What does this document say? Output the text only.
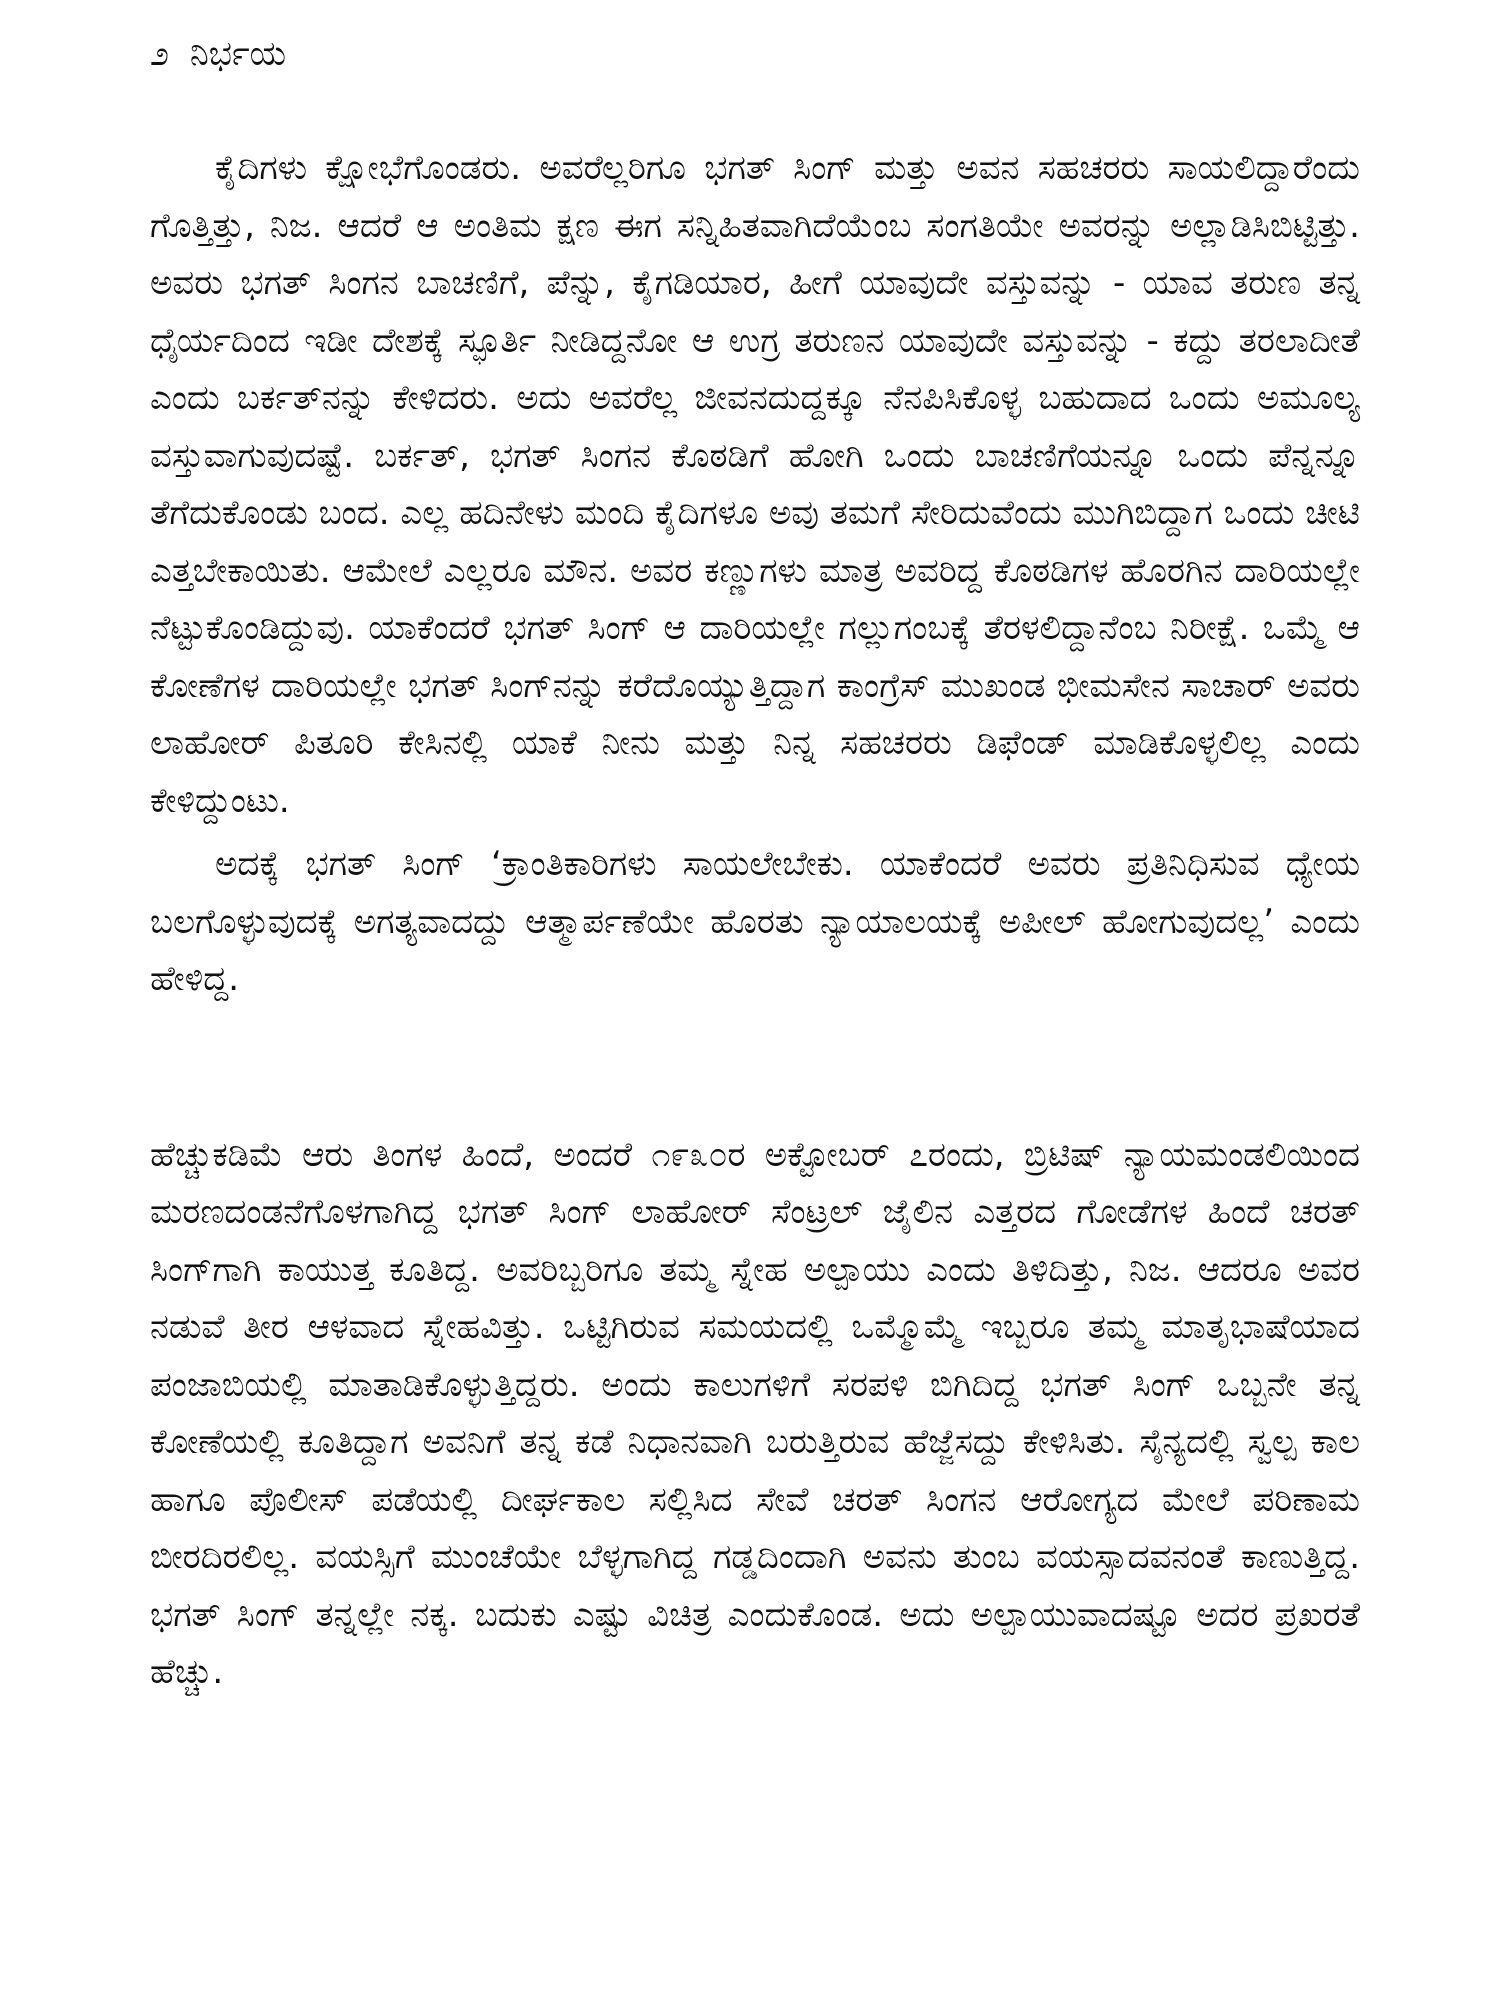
೨ ನಿರ್ಭಯ

ಕೈದಿಗಳು ಕ್ಷೋಭೆಗೊಂಡರು. ಅವರೆಲ್ಲರಿಗೂ ಭಗತ್ ಸಿಂಗ್ ಮತ್ತು ಅವನ ಸಹಚರರು ಸಾಯಲಿದ್ದಾರೆಂದು ಗೊತ್ತಿತ್ತು, ನಿಜ. ಆದರೆ ಆ ಅಂತಿಮ ಕ್ಷಣ ಈಗ ಸನ್ನಿಹಿತವಾಗಿದೆಯೆಂಬ ಸಂಗತಿಯೇ ಅವರನ್ನು ಅಲ್ಲಾಡಿಸಿಬಿಟ್ಟಿತ್ತು. ಅವರು ಭಗತ್ ಸಿಂಗನ ಬಾಚಣಿಗೆ, ಪೆನ್ನು, ಕೈಗಡಿಯಾರ, ಹೀಗೆ ಯಾವುದೇ ವಸ್ತುವನ್ನು - ಯಾವ ತರುಣ ತನ್ನ ಧೈರ್ಯದಿಂದ ಇಡೀ ದೇಶಕ್ಕೆ ಸ್ಫೂರ್ತಿ ನೀಡಿದ್ದನೋ ಆ ಉಗ್ರ ತರುಣನ ಯಾವುದೇ ವಸ್ತುವನ್ನು - ಕದ್ದು ತರಲಾದೀತೆ ಎಂದು ಬರ್ಕತ್‌ನನ್ನು ಕೇಳಿದರು. ಅದು ಅವರೆಲ್ಲ ಜೀವನದುದ್ದಕ್ಕೂ ನೆನಪಿಸಿಕೊಳ್ಳ ಬಹುದಾದ ಒಂದು ಅಮೂಲ್ಯ ವಸ್ತುವಾಗುವುದಷ್ಟೆ. ಬರ್ಕತ್, ಭಗತ್ ಸಿಂಗನ ಕೊಠಡಿಗೆ ಹೋಗಿ ಒಂದು ಬಾಚಣಿಗೆಯನ್ನೂ ಒಂದು ಪೆನ್ನನ್ನೂ ತೆಗೆದುಕೊಂಡು ಬಂದ. ಎಲ್ಲ ಹದಿನೇಳು ಮಂದಿ ಕೈದಿಗಳೂ ಅವು ತಮಗೆ ಸೇರಿದುವೆಂದು ಮುಗಿಬಿದ್ದಾಗ ಒಂದು ಚೀಟಿ ಎತ್ತಬೇಕಾಯಿತು. ಆಮೇಲೆ ಎಲ್ಲರೂ ಮೌನ. ಅವರ ಕಣ್ಣುಗಳು ಮಾತ್ರ ಅವರಿದ್ದ ಕೊಠಡಿಗಳ ಹೊರಗಿನ ದಾರಿಯಲ್ಲೇ ನೆಟ್ಟುಕೊಂಡಿದ್ದುವು. ಯಾಕೆಂದರೆ ಭಗತ್ ಸಿಂಗ್ ಆ ದಾರಿಯಲ್ಲೇ ಗಲ್ಲುಗಂಬಕ್ಕೆ ತೆರಳಲಿದ್ದಾನೆಂಬ ನಿರೀಕ್ಷೆ. ಒಮ್ಮೆ ಆ ಕೋಣೆಗಳ ದಾರಿಯಲ್ಲೇ ಭಗತ್ ಸಿಂಗ್‌ನನ್ನು ಕರೆದೊಯ್ಯುತ್ತಿದ್ದಾಗ ಕಾಂಗ್ರೆಸ್ ಮುಖಂಡ ಭೀಮಸೇನ ಸಾಚಾರ್ ಅವರು ಲಾಹೋರ್ ಪಿತೂರಿ ಕೇಸಿನಲ್ಲಿ ಯಾಕೆ ನೀನು ಮತ್ತು ನಿನ್ನ ಸಹಚರರು ಡಿಫೆಂಡ್ ಮಾಡಿಕೊಳ್ಳಲಿಲ್ಲ ಎಂದು ಕೇಳಿದ್ದುಂಟು.

ಅದಕ್ಕೆ ಭಗತ್ ಸಿಂಗ್ ‘ಕ್ರಾಂತಿಕಾರಿಗಳು ಸಾಯಲೇಬೇಕು. ಯಾಕೆಂದರೆ ಅವರು ಪ್ರತಿನಿಧಿಸುವ ಧ್ಯೇಯ ಬಲಗೊಳ್ಳುವುದಕ್ಕೆ ಅಗತ್ಯವಾದದ್ದು ಆತ್ಮಾರ್ಪಣೆಯೇ ಹೊರತು ನ್ಯಾಯಾಲಯಕ್ಕೆ ಅಪೀಲ್ ಹೋಗುವುದಲ್ಲ’ ಎಂದು ಹೇಳಿದ್ದ.

ಹೆಚ್ಚುಕಡಿಮೆ ಆರು ತಿಂಗಳ ಹಿಂದೆ, ಅಂದರೆ ೧೯೩೦ರ ಅಕ್ಟೋಬರ್ ೭ರಂದು, ಬ್ರಿಟಿಷ್ ನ್ಯಾಯಮಂಡಲಿಯಿಂದ ಮರಣದಂಡನೆಗೊಳಗಾಗಿದ್ದ ಭಗತ್ ಸಿಂಗ್ ಲಾಹೋರ್ ಸೆಂಟ್ರಲ್ ಜೈಲಿನ ಎತ್ತರದ ಗೋಡೆಗಳ ಹಿಂದೆ ಚರತ್ ಸಿಂಗ್‌ಗಾಗಿ ಕಾಯುತ್ತ ಕೂತಿದ್ದ. ಅವರಿಬ್ಬರಿಗೂ ತಮ್ಮ ಸ್ನೇಹ ಅಲ್ಪಾಯು ಎಂದು ತಿಳಿದಿತ್ತು, ನಿಜ. ಆದರೂ ಅವರ ನಡುವೆ ತೀರ ಆಳವಾದ ಸ್ನೇಹವಿತ್ತು. ಒಟ್ಟಿಗಿರುವ ಸಮಯದಲ್ಲಿ ಒಮ್ಮೊಮ್ಮೆ ಇಬ್ಬರೂ ತಮ್ಮ ಮಾತೃಭಾಷೆಯಾದ ಪಂಜಾಬಿಯಲ್ಲಿ ಮಾತಾಡಿಕೊಳ್ಳುತ್ತಿದ್ದರು. ಅಂದು ಕಾಲುಗಳಿಗೆ ಸರಪಳಿ ಬಿಗಿದಿದ್ದ ಭಗತ್ ಸಿಂಗ್ ಒಬ್ಬನೇ ತನ್ನ ಕೋಣೆಯಲ್ಲಿ ಕೂತಿದ್ದಾಗ ಅವನಿಗೆ ತನ್ನ ಕಡೆ ನಿಧಾನವಾಗಿ ಬರುತ್ತಿರುವ ಹೆಜ್ಜೆಸದ್ದು ಕೇಳಿಸಿತು. ಸೈನ್ಯದಲ್ಲಿ ಸ್ವಲ್ಪ ಕಾಲ ಹಾಗೂ ಪೊಲೀಸ್ ಪಡೆಯಲ್ಲಿ ದೀರ್ಘಕಾಲ ಸಲ್ಲಿಸಿದ ಸೇವೆ ಚರತ್ ಸಿಂಗನ ಆರೋಗ್ಯದ ಮೇಲೆ ಪರಿಣಾಮ ಬೀರದಿರಲಿಲ್ಲ. ವಯಸ್ಸಿಗೆ ಮುಂಚೆಯೇ ಬೆಳ್ಳಗಾಗಿದ್ದ ಗಡ್ಡದಿಂದಾಗಿ ಅವನು ತುಂಬ ವಯಸ್ಸಾದವನಂತೆ ಕಾಣುತ್ತಿದ್ದ. ಭಗತ್ ಸಿಂಗ್ ತನ್ನಲ್ಲೇ ನಕ್ಕ. ಬದುಕು ಎಷ್ಟು ವಿಚಿತ್ರ ಎಂದುಕೊಂಡ. ಅದು ಅಲ್ಪಾಯುವಾದಷ್ಟೂ ಅದರ ಪ್ರಖರತೆ ಹೆಚ್ಚು.
